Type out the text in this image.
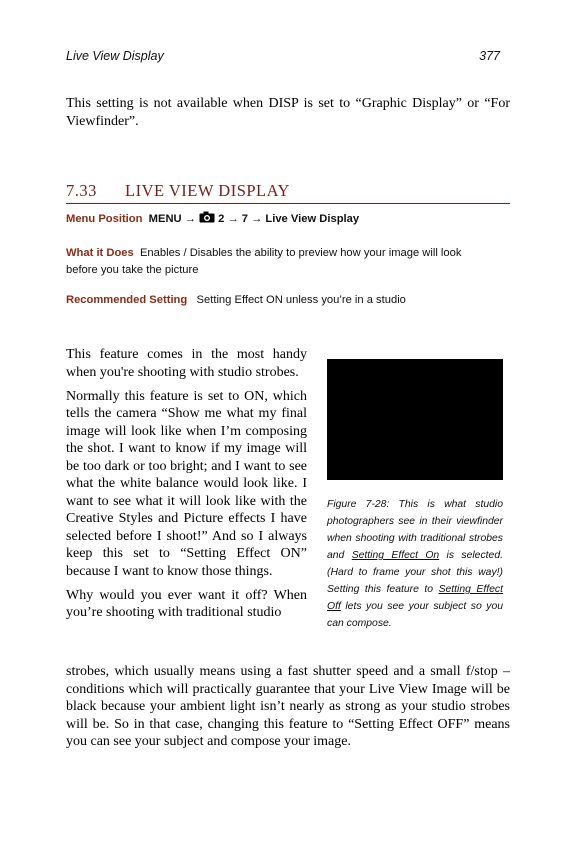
Live View Display	377
This setting is not available when DISP is set to “Graphic Display” or “For Viewfinder”.
7.33 LIVE VIEW DISPLAY
Menu Position MENU → 2 → 7 → Live View Display
What it Does Enables / Disables the ability to preview how your image will look before you take the picture
Recommended Setting Setting Effect ON unless you’re in a studio

This feature comes in the most handy when you're shooting with studio strobes.

Normally this feature is set to ON, which tells the camera “Show me what my final image will look like when I’m composing the shot. I want to know if my image will be too dark or too bright; and I want to see what the white balance would look like. I want to see what it will look like with the Creative Styles and Picture effects I have selected before I shoot!” And so I always keep this set to “Setting Effect ON” because I want to know those things.

Why would you ever want it off? When you’re shooting with traditional studio

strobes, which usually means using a fast shutter speed and a small f/stop – conditions which will practically guarantee that your Live View Image will be black because your ambient light isn’t nearly as strong as your studio strobes will be. So in that case, changing this feature to “Setting Effect OFF” means you can see your subject and compose your image.
Figure 7-28: This is what studio photographers see in their viewfinder when shooting with traditional strobes and Setting Effect On is selected. (Hard to frame your shot this way!) Setting this feature to Setting Effect Off lets you see your subject so you can compose.
